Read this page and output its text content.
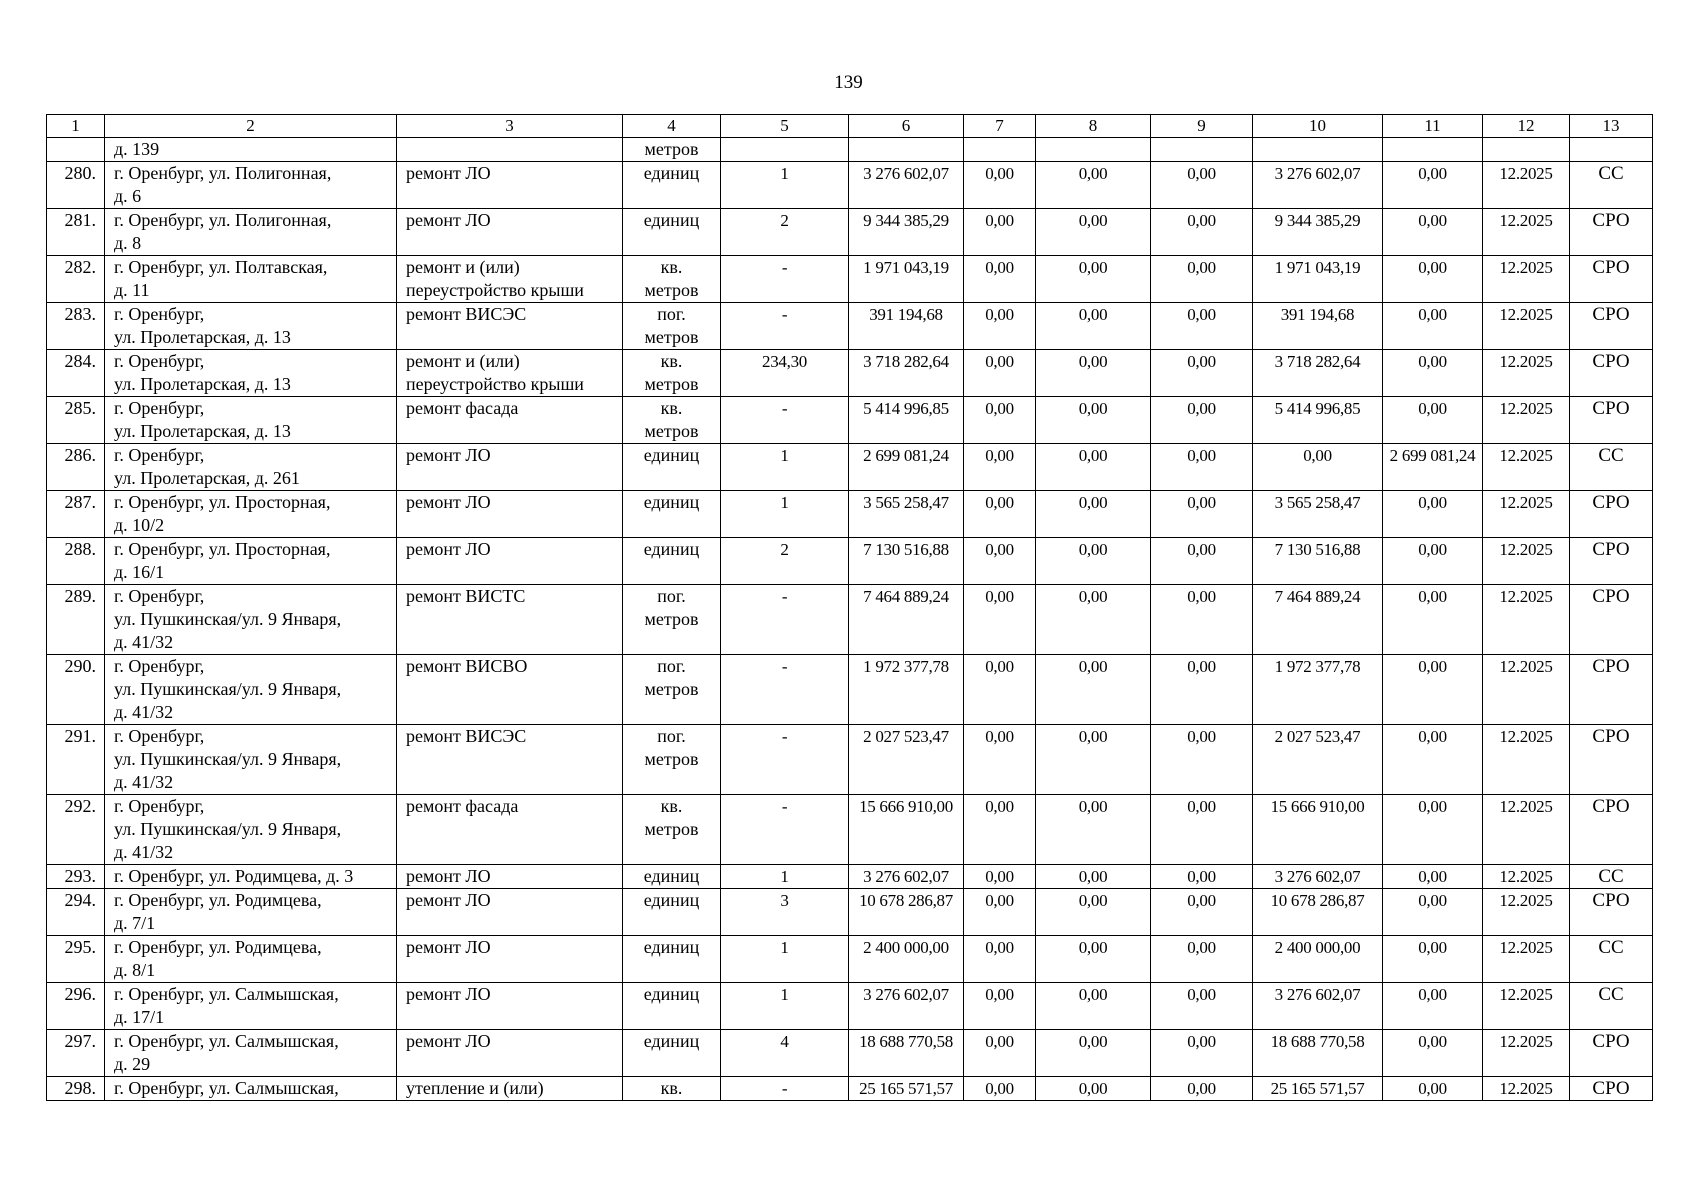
139
1	2	3	4	5	6	7	8	9	10	11	12	13
	д. 139		метров									
280.	г. Оренбург, ул. Полигонная,
д. 6	ремонт ЛО	единиц	1	3 276 602,07	0,00	0,00	0,00	3 276 602,07	0,00	12.2025	СС
281.	г. Оренбург, ул. Полигонная,
д. 8	ремонт ЛО	единиц	2	9 344 385,29	0,00	0,00	0,00	9 344 385,29	0,00	12.2025	СРО
282.	г. Оренбург, ул. Полтавская,
д. 11	ремонт и (или)
переустройство крыши	кв.
метров	-	1 971 043,19	0,00	0,00	0,00	1 971 043,19	0,00	12.2025	СРО
283.	г. Оренбург,
ул. Пролетарская, д. 13	ремонт ВИСЭС	пог.
метров	-	391 194,68	0,00	0,00	0,00	391 194,68	0,00	12.2025	СРО
284.	г. Оренбург,
ул. Пролетарская, д. 13	ремонт и (или)
переустройство крыши	кв.
метров	234,30	3 718 282,64	0,00	0,00	0,00	3 718 282,64	0,00	12.2025	СРО
285.	г. Оренбург,
ул. Пролетарская, д. 13	ремонт фасада	кв.
метров	-	5 414 996,85	0,00	0,00	0,00	5 414 996,85	0,00	12.2025	СРО
286.	г. Оренбург,
ул. Пролетарская, д. 261	ремонт ЛО	единиц	1	2 699 081,24	0,00	0,00	0,00	0,00	2 699 081,24	12.2025	СС
287.	г. Оренбург, ул. Просторная,
д. 10/2	ремонт ЛО	единиц	1	3 565 258,47	0,00	0,00	0,00	3 565 258,47	0,00	12.2025	СРО
288.	г. Оренбург, ул. Просторная,
д. 16/1	ремонт ЛО	единиц	2	7 130 516,88	0,00	0,00	0,00	7 130 516,88	0,00	12.2025	СРО
289.	г. Оренбург,
ул. Пушкинская/ул. 9 Января,
д. 41/32	ремонт ВИСТС	пог.
метров	-	7 464 889,24	0,00	0,00	0,00	7 464 889,24	0,00	12.2025	СРО
290.	г. Оренбург,
ул. Пушкинская/ул. 9 Января,
д. 41/32	ремонт ВИСВО	пог.
метров	-	1 972 377,78	0,00	0,00	0,00	1 972 377,78	0,00	12.2025	СРО
291.	г. Оренбург,
ул. Пушкинская/ул. 9 Января,
д. 41/32	ремонт ВИСЭС	пог.
метров	-	2 027 523,47	0,00	0,00	0,00	2 027 523,47	0,00	12.2025	СРО
292.	г. Оренбург,
ул. Пушкинская/ул. 9 Января,
д. 41/32	ремонт фасада	кв.
метров	-	15 666 910,00	0,00	0,00	0,00	15 666 910,00	0,00	12.2025	СРО
293.	г. Оренбург, ул. Родимцева, д. 3	ремонт ЛО	единиц	1	3 276 602,07	0,00	0,00	0,00	3 276 602,07	0,00	12.2025	СС
294.	г. Оренбург, ул. Родимцева,
д. 7/1	ремонт ЛО	единиц	3	10 678 286,87	0,00	0,00	0,00	10 678 286,87	0,00	12.2025	СРО
295.	г. Оренбург, ул. Родимцева,
д. 8/1	ремонт ЛО	единиц	1	2 400 000,00	0,00	0,00	0,00	2 400 000,00	0,00	12.2025	СС
296.	г. Оренбург, ул. Салмышская,
д. 17/1	ремонт ЛО	единиц	1	3 276 602,07	0,00	0,00	0,00	3 276 602,07	0,00	12.2025	СС
297.	г. Оренбург, ул. Салмышская,
д. 29	ремонт ЛО	единиц	4	18 688 770,58	0,00	0,00	0,00	18 688 770,58	0,00	12.2025	СРО
298.	г. Оренбург, ул. Салмышская,	утепление и (или)	кв.	-	25 165 571,57	0,00	0,00	0,00	25 165 571,57	0,00	12.2025	СРО
